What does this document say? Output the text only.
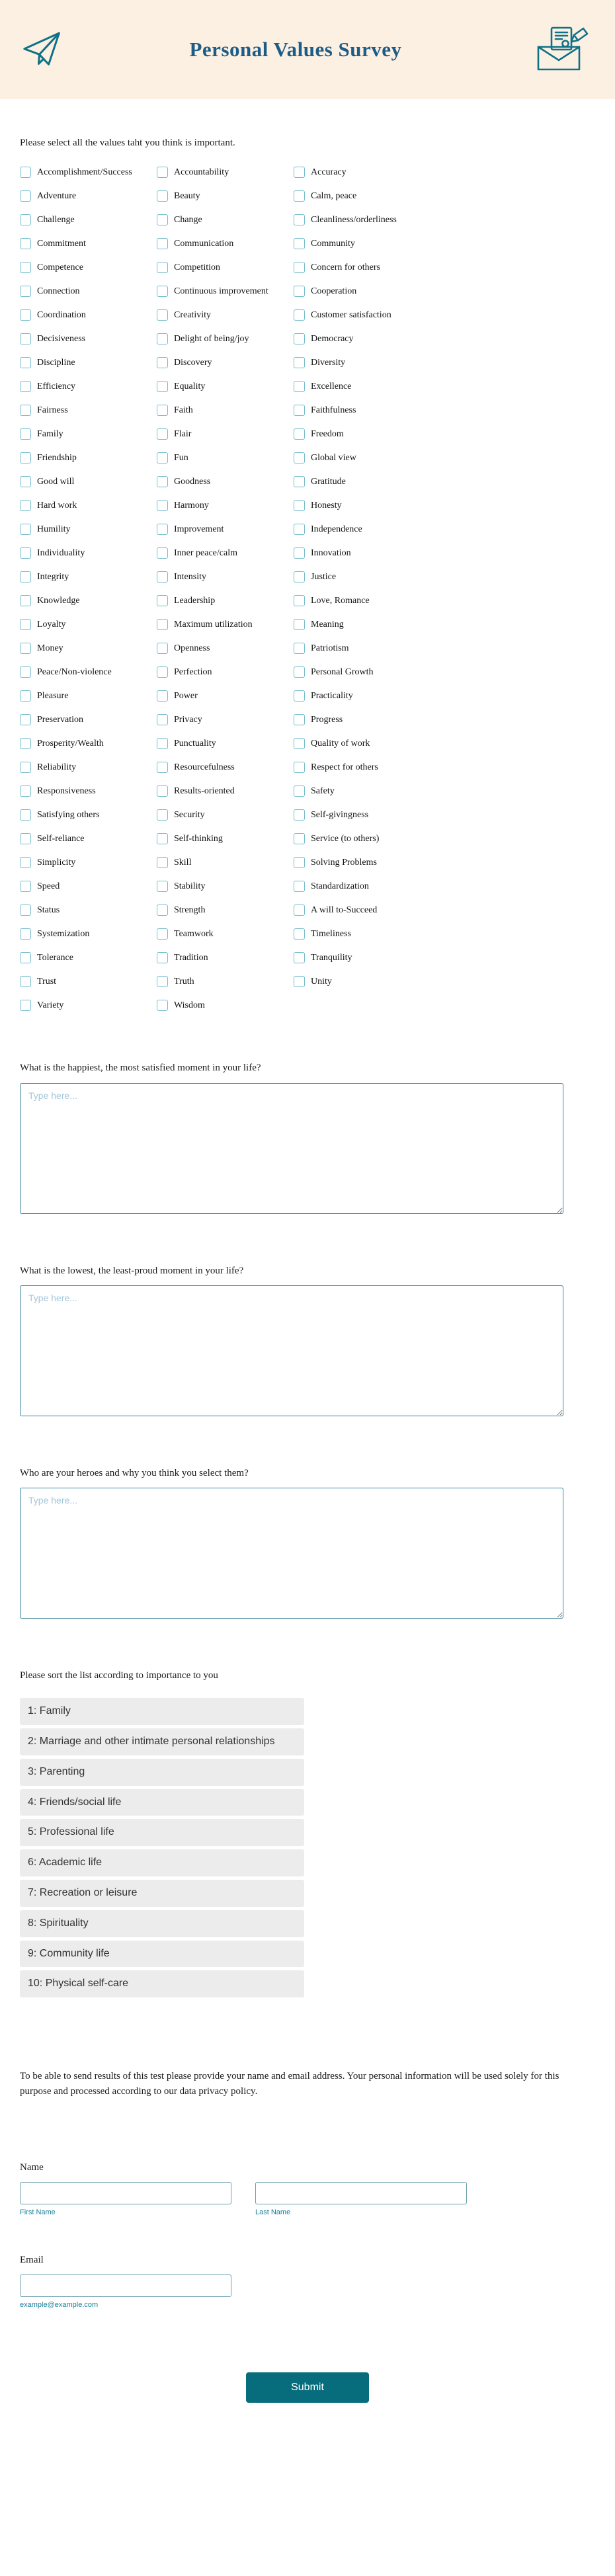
Personal Values Survey
Please select all the values taht you think is important.
Accomplishment/Success	Accountability	Accuracy
Adventure	Beauty	Calm, peace
Challenge	Change	Cleanliness/orderliness
Commitment	Communication	Community
Competence	Competition	Concern for others
Connection	Continuous improvement	Cooperation
Coordination	Creativity	Customer satisfaction
Decisiveness	Delight of being/joy	Democracy
Discipline	Discovery	Diversity
Efficiency	Equality	Excellence
Fairness	Faith	Faithfulness
Family	Flair	Freedom
Friendship	Fun	Global view
Good will	Goodness	Gratitude
Hard work	Harmony	Honesty
Humility	Improvement	Independence
Individuality	Inner peace/calm	Innovation
Integrity	Intensity	Justice
Knowledge	Leadership	Love, Romance
Loyalty	Maximum utilization	Meaning
Money	Openness	Patriotism
Peace/Non-violence	Perfection	Personal Growth
Pleasure	Power	Practicality
Preservation	Privacy	Progress
Prosperity/Wealth	Punctuality	Quality of work
Reliability	Resourcefulness	Respect for others
Responsiveness	Results-oriented	Safety
Satisfying others	Security	Self-givingness
Self-reliance	Self-thinking	Service (to others)
Simplicity	Skill	Solving Problems
Speed	Stability	Standardization
Status	Strength	A will to-Succeed
Systemization	Teamwork	Timeliness
Tolerance	Tradition	Tranquility
Trust	Truth	Unity
Variety	Wisdom
What is the happiest, the most satisfied moment in your life?
Type here...
What is the lowest, the least-proud moment in your life?
Type here...
Who are your heroes and why you think you select them?
Type here...
Please sort the list according to importance to you
1: Family
2: Marriage and other intimate personal relationships
3: Parenting
4: Friends/social life
5: Professional life
6: Academic life
7: Recreation or leisure
8: Spirituality
9: Community life
10: Physical self-care

To be able to send results of this test please provide your name and email address. Your personal information will be used solely for this purpose and processed according to our data privacy policy.

Name
First Name	Last Name
Email
example@example.com
Submit
